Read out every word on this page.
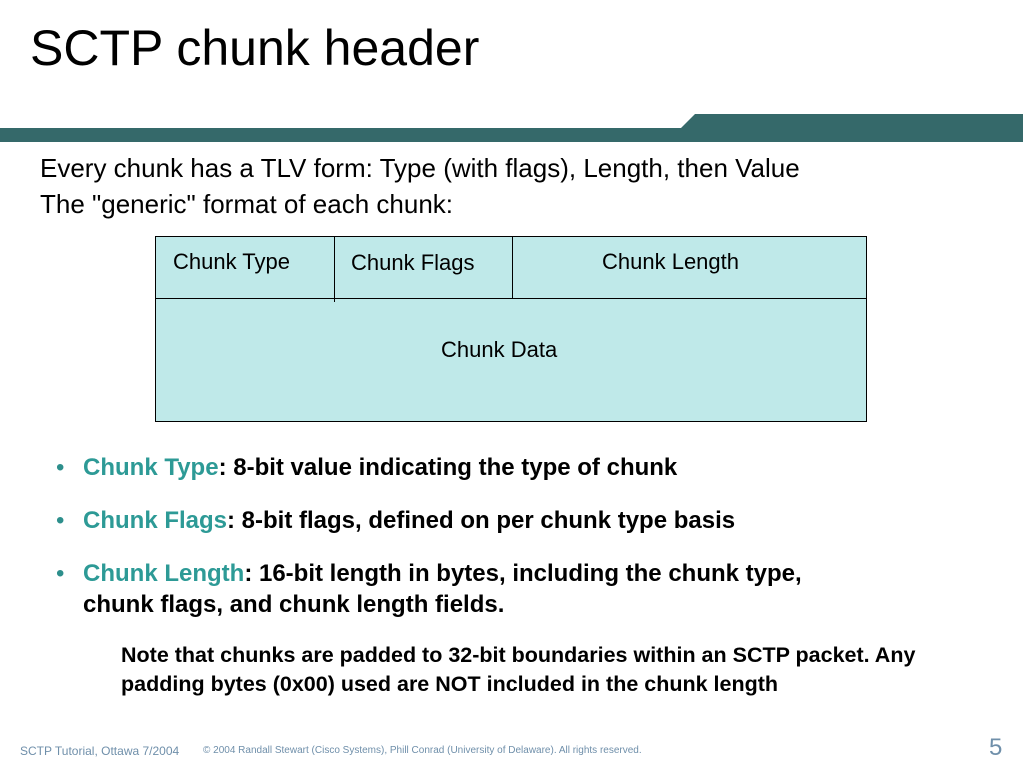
SCTP chunk header
Every chunk has a TLV form: Type (with flags), Length, then Value
The "generic" format of each chunk:
Chunk Type	Chunk Flags	Chunk Length
Chunk Data
• Chunk Type: 8-bit value indicating the type of chunk
• Chunk Flags: 8-bit flags, defined on per chunk type basis
• Chunk Length: 16-bit length in bytes, including the chunk type, chunk flags, and chunk length fields.
Note that chunks are padded to 32-bit boundaries within an SCTP packet. Any padding bytes (0x00) used are NOT included in the chunk length
SCTP Tutorial, Ottawa 7/2004 © 2004 Randall Stewart (Cisco Systems), Phill Conrad (University of Delaware). All rights reserved.	5
